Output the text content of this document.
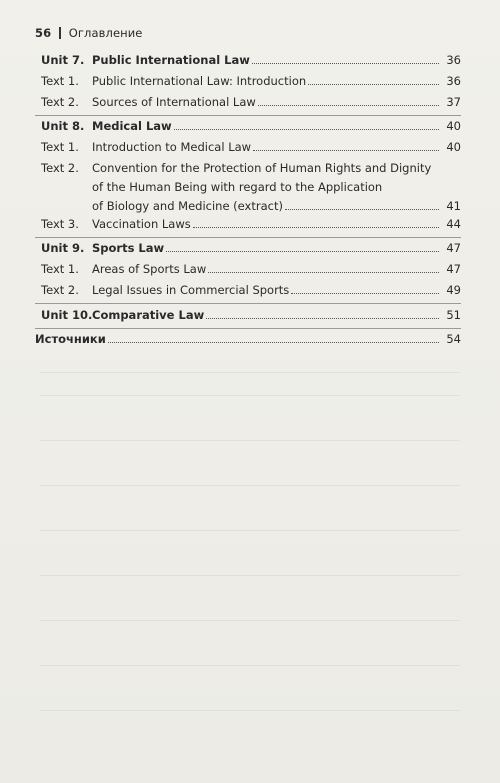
56 Оглавление
Unit 7. Public International Law	36
Text 1. Public International Law: Introduction	36
Text 2. Sources of International Law	37
Unit 8. Medical Law	40
Text 1. Introduction to Medical Law	40
Text 2. Convention for the Protection of Human Rights and Dignity
of the Human Being with regard to the Application
of Biology and Medicine (extract)	41
Text 3. Vaccination Laws	44
Unit 9. Sports Law	47
Text 1. Areas of Sports Law	47
Text 2. Legal Issues in Commercial Sports	49
Unit 10. Comparative Law	51
Источники	54
